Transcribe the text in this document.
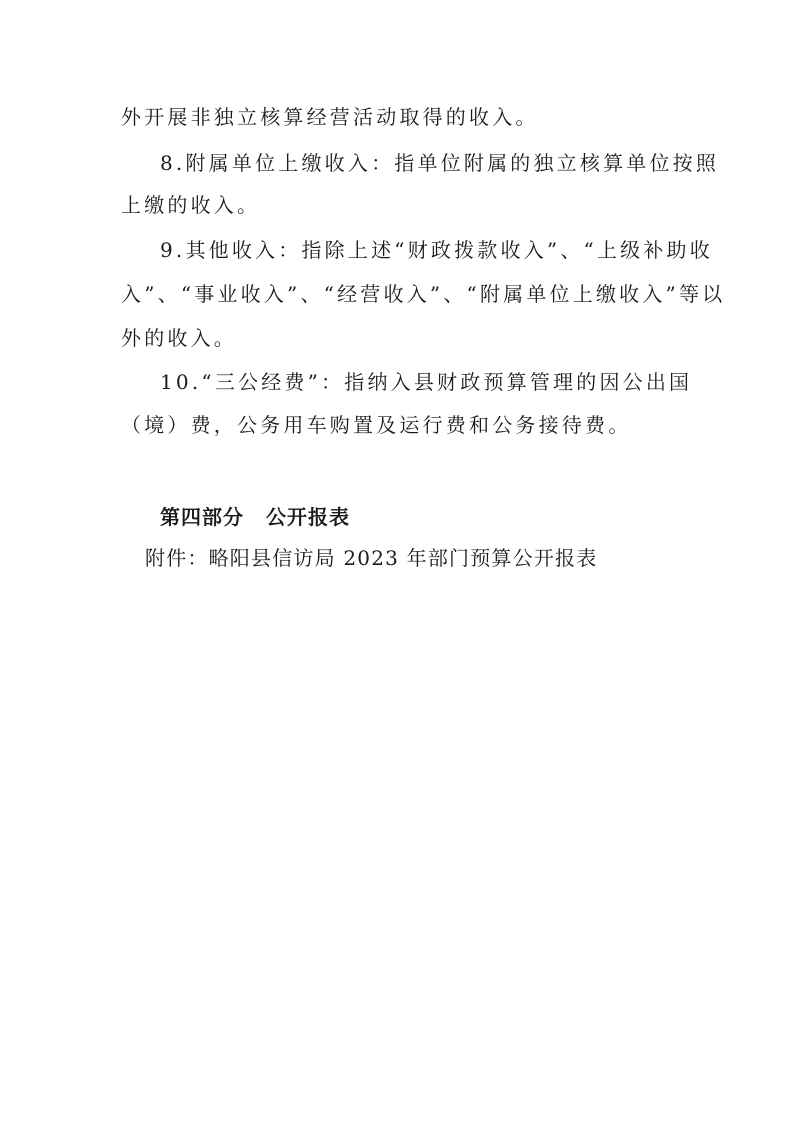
外开展非独立核算经营活动取得的收入。
8.附属单位上缴收入：指单位附属的独立核算单位按照
上缴的收入。
9.其他收入：指除上述“财政拨款收入”、“上级补助收
入”、“事业收入”、“经营收入”、“附属单位上缴收入”等以
外的收入。
10.“三公经费”：指纳入县财政预算管理的因公出国
（境）费，公务用车购置及运行费和公务接待费。
第四部分 公开报表
附件：略阳县信访局 2023 年部门预算公开报表
